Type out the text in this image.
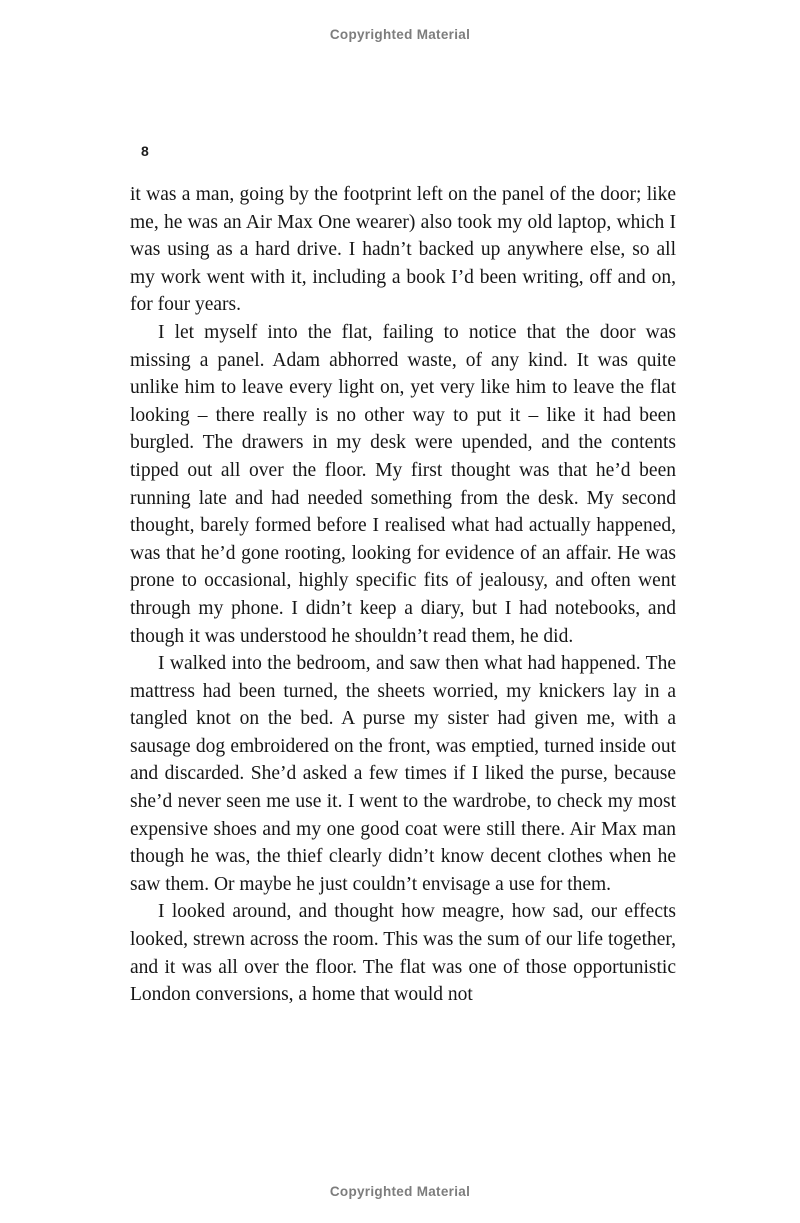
Copyrighted Material
8

it was a man, going by the footprint left on the panel of the door; like me, he was an Air Max One wearer) also took my old laptop, which I was using as a hard drive. I hadn’t backed up anywhere else, so all my work went with it, including a book I’d been writing, off and on, for four years.

I let myself into the flat, failing to notice that the door was missing a panel. Adam abhorred waste, of any kind. It was quite unlike him to leave every light on, yet very like him to leave the flat looking – there really is no other way to put it – like it had been burgled. The drawers in my desk were upended, and the contents tipped out all over the floor. My first thought was that he’d been running late and had needed something from the desk. My second thought, barely formed before I realised what had actually happened, was that he’d gone rooting, looking for evidence of an affair. He was prone to occasional, highly specific fits of jealousy, and often went through my phone. I didn’t keep a diary, but I had notebooks, and though it was understood he shouldn’t read them, he did.

I walked into the bedroom, and saw then what had happened. The mattress had been turned, the sheets worried, my knickers lay in a tangled knot on the bed. A purse my sister had given me, with a sausage dog embroidered on the front, was emptied, turned inside out and discarded. She’d asked a few times if I liked the purse, because she’d never seen me use it. I went to the wardrobe, to check my most expensive shoes and my one good coat were still there. Air Max man though he was, the thief clearly didn’t know decent clothes when he saw them. Or maybe he just couldn’t envisage a use for them.

I looked around, and thought how meagre, how sad, our effects looked, strewn across the room. This was the sum of our life together, and it was all over the floor. The flat was one of those opportunistic London conversions, a home that would not

Copyrighted Material
